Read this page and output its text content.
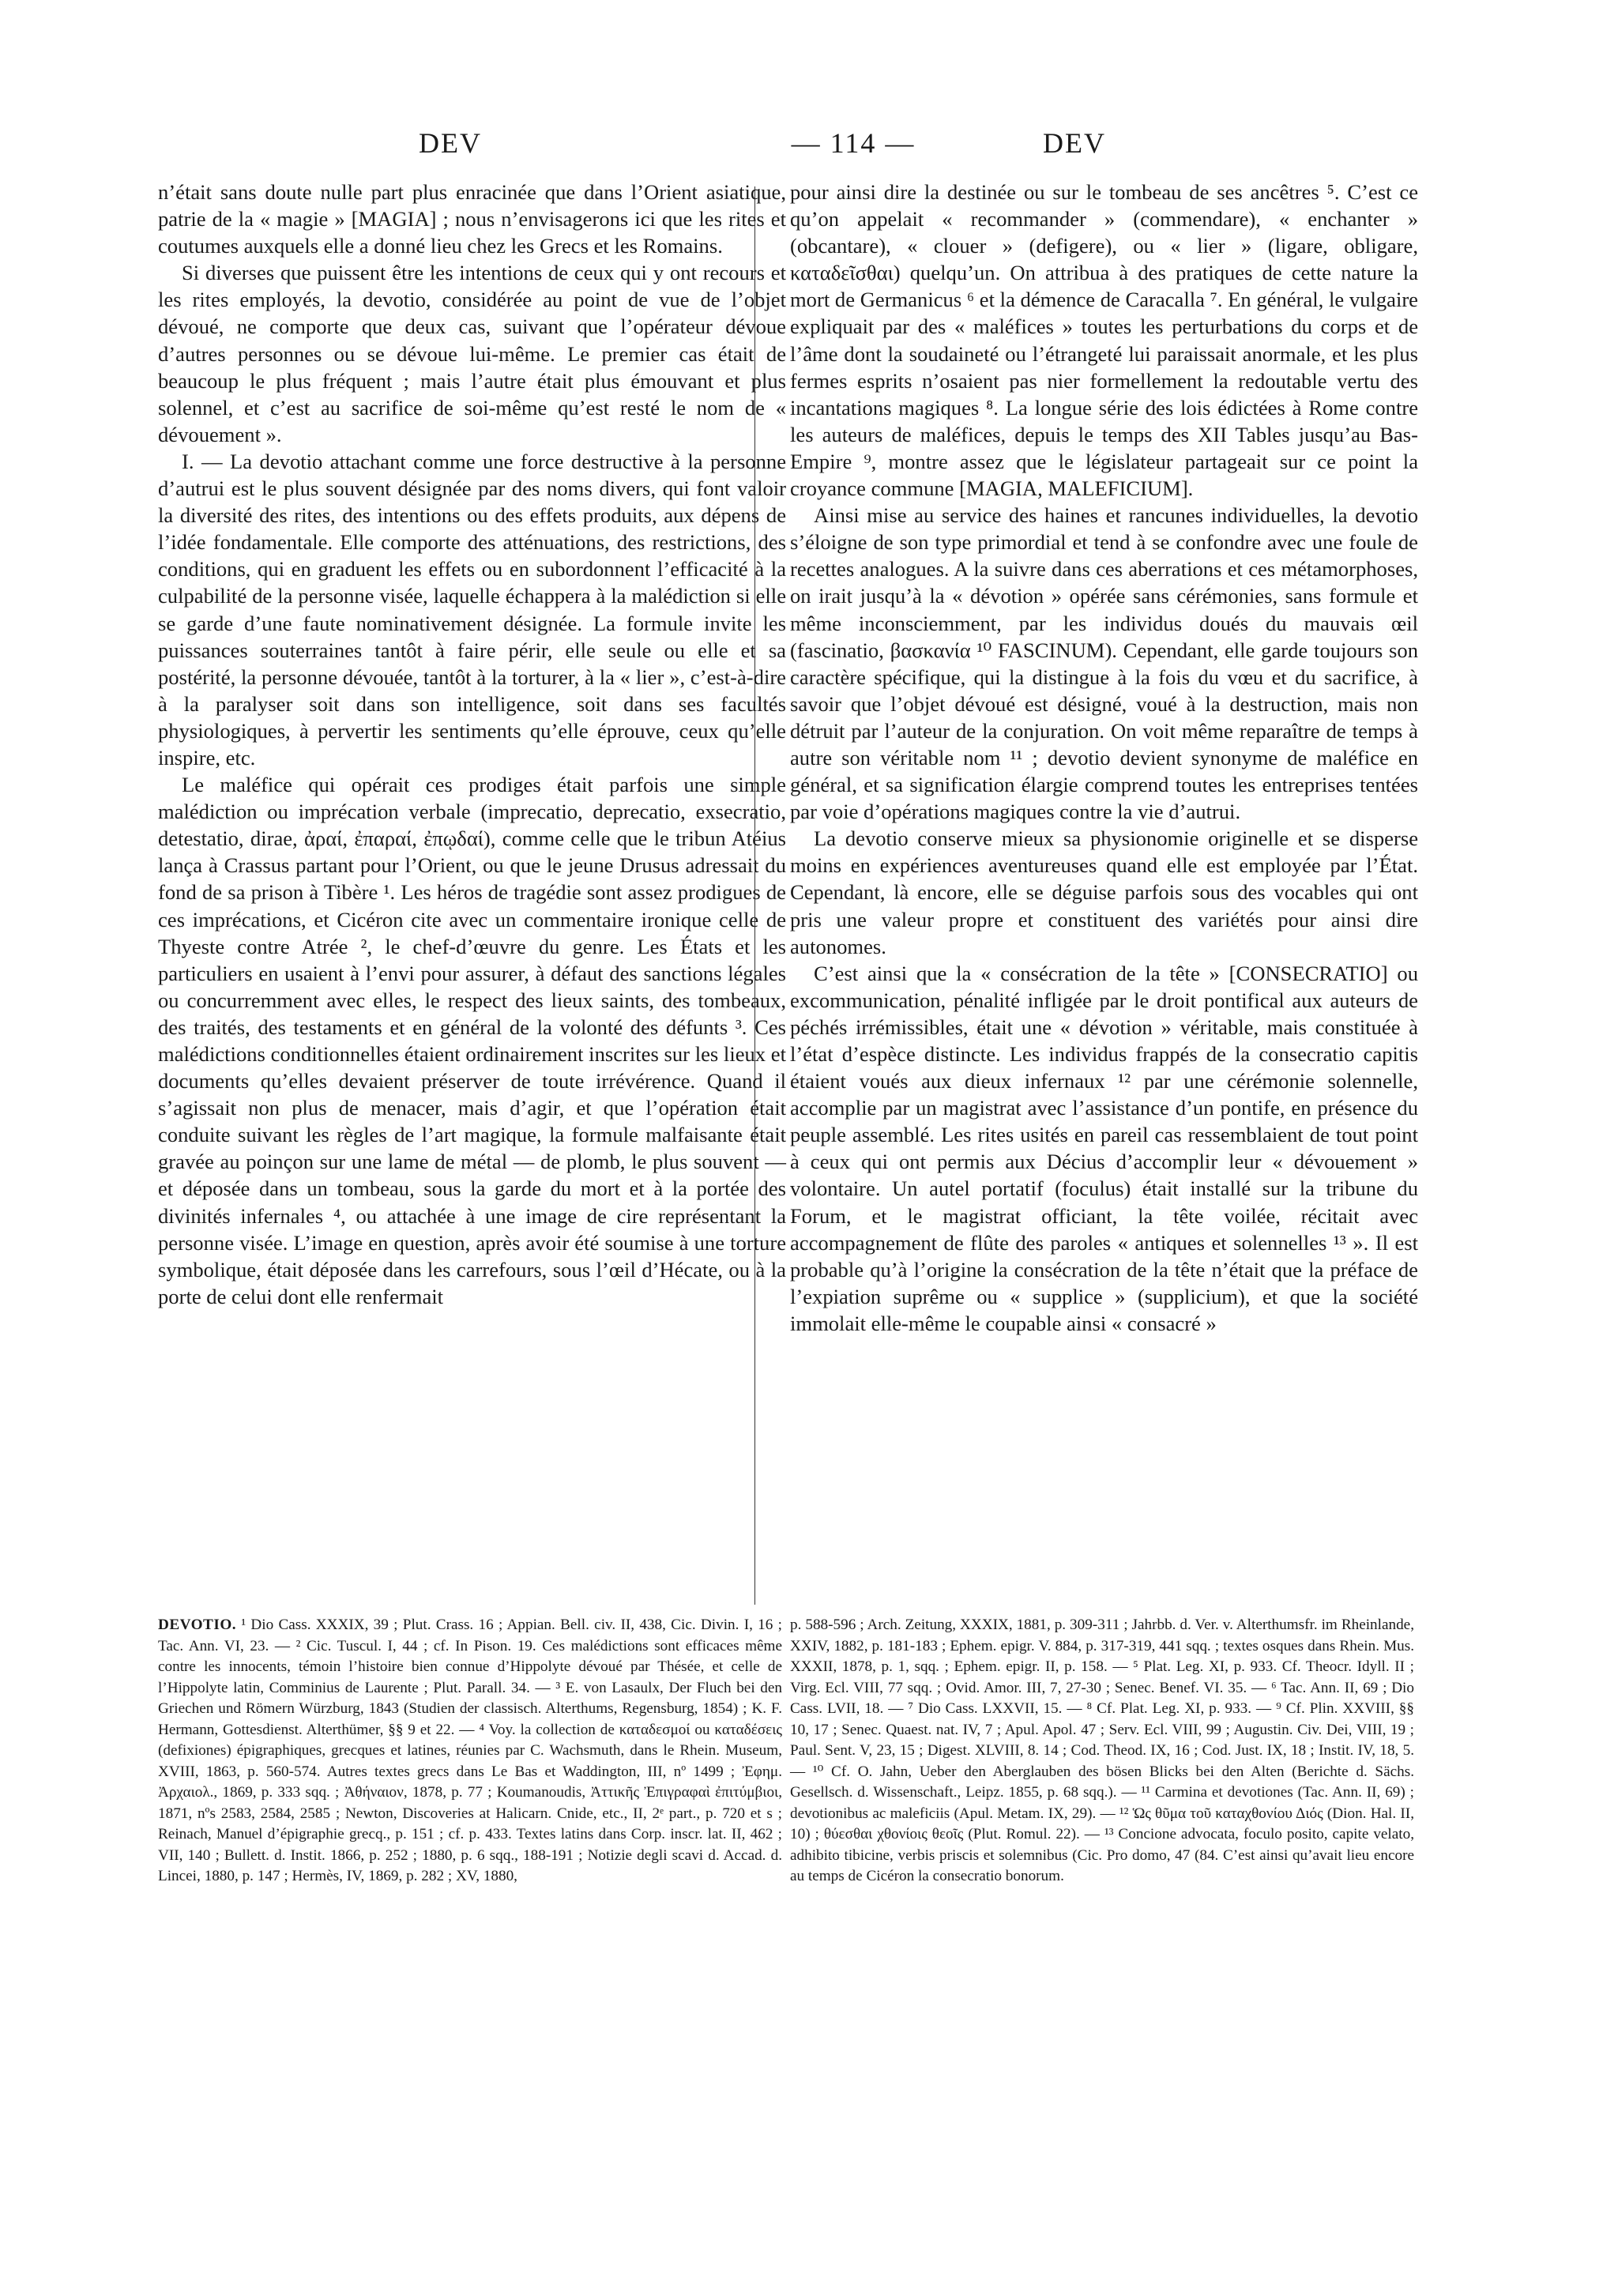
DEV	— 114 —	DEV

n’était sans doute nulle part plus enracinée que dans l’Orient asiatique, patrie de la « magie » [MAGIA] ; nous n’envisagerons ici que les rites et coutumes auxquels elle a donné lieu chez les Grecs et les Romains.

Si diverses que puissent être les intentions de ceux qui y ont recours et les rites employés, la devotio, considérée au point de vue de l’objet dévoué, ne comporte que deux cas, suivant que l’opérateur dévoue d’autres personnes ou se dévoue lui-même. Le premier cas était de beaucoup le plus fréquent ; mais l’autre était plus émouvant et plus solennel, et c’est au sacrifice de soi-même qu’est resté le nom de « dévouement ».

I. — La devotio attachant comme une force destructive à la personne d’autrui est le plus souvent désignée par des noms divers, qui font valoir la diversité des rites, des intentions ou des effets produits, aux dépens de l’idée fondamentale. Elle comporte des atténuations, des restrictions, des conditions, qui en graduent les effets ou en subordonnent l’efficacité à la culpabilité de la personne visée, laquelle échappera à la malédiction si elle se garde d’une faute nominativement désignée. La formule invite les puissances souterraines tantôt à faire périr, elle seule ou elle et sa postérité, la personne dévouée, tantôt à la torturer, à la « lier », c’est-à-dire à la paralyser soit dans son intelligence, soit dans ses facultés physiologiques, à pervertir les sentiments qu’elle éprouve, ceux qu’elle inspire, etc.

Le maléfice qui opérait ces prodiges était parfois une simple malédiction ou imprécation verbale (imprecatio, deprecatio, exsecratio, detestatio, dirae, ἀραί, ἐπαραί, ἐπῳδαί), comme celle que le tribun Atéius lança à Crassus partant pour l’Orient, ou que le jeune Drusus adressait du fond de sa prison à Tibère ¹. Les héros de tragédie sont assez prodigues de ces imprécations, et Cicéron cite avec un commentaire ironique celle de Thyeste contre Atrée ², le chef-d’œuvre du genre. Les États et les particuliers en usaient à l’envi pour assurer, à défaut des sanctions légales ou concurremment avec elles, le respect des lieux saints, des tombeaux, des traités, des testaments et en général de la volonté des défunts ³. Ces malédictions conditionnelles étaient ordinairement inscrites sur les lieux et documents qu’elles devaient préserver de toute irrévérence. Quand il s’agissait non plus de menacer, mais d’agir, et que l’opération était conduite suivant les règles de l’art magique, la formule malfaisante était gravée au poinçon sur une lame de métal — de plomb, le plus souvent — et déposée dans un tombeau, sous la garde du mort et à la portée des divinités infernales ⁴, ou attachée à une image de cire représentant la personne visée. L’image en question, après avoir été soumise à une torture symbolique, était déposée dans les carrefours, sous l’œil d’Hécate, ou à la porte de celui dont elle renfermait

pour ainsi dire la destinée ou sur le tombeau de ses ancêtres ⁵. C’est ce qu’on appelait « recommander » (commendare), « enchanter » (obcantare), « clouer » (defigere), ou « lier » (ligare, obligare, καταδεῖσθαι) quelqu’un. On attribua à des pratiques de cette nature la mort de Germanicus ⁶ et la démence de Caracalla ⁷. En général, le vulgaire expliquait par des « maléfices » toutes les perturbations du corps et de l’âme dont la soudaineté ou l’étrangeté lui paraissait anormale, et les plus fermes esprits n’osaient pas nier formellement la redoutable vertu des incantations magiques ⁸. La longue série des lois édictées à Rome contre les auteurs de maléfices, depuis le temps des XII Tables jusqu’au Bas-Empire ⁹, montre assez que le législateur partageait sur ce point la croyance commune [MAGIA, MALEFICIUM].

Ainsi mise au service des haines et rancunes individuelles, la devotio s’éloigne de son type primordial et tend à se confondre avec une foule de recettes analogues. A la suivre dans ces aberrations et ces métamorphoses, on irait jusqu’à la « dévotion » opérée sans cérémonies, sans formule et même inconsciemment, par les individus doués du mauvais œil (fascinatio, βασκανία ¹⁰ FASCINUM). Cependant, elle garde toujours son caractère spécifique, qui la distingue à la fois du vœu et du sacrifice, à savoir que l’objet dévoué est désigné, voué à la destruction, mais non détruit par l’auteur de la conjuration. On voit même reparaître de temps à autre son véritable nom ¹¹ ; devotio devient synonyme de maléfice en général, et sa signification élargie comprend toutes les entreprises tentées par voie d’opérations magiques contre la vie d’autrui.

La devotio conserve mieux sa physionomie originelle et se disperse moins en expériences aventureuses quand elle est employée par l’État. Cependant, là encore, elle se déguise parfois sous des vocables qui ont pris une valeur propre et constituent des variétés pour ainsi dire autonomes.

C’est ainsi que la « consécration de la tête » [CONSECRATIO] ou excommunication, pénalité infligée par le droit pontifical aux auteurs de péchés irrémissibles, était une « dévotion » véritable, mais constituée à l’état d’espèce distincte. Les individus frappés de la consecratio capitis étaient voués aux dieux infernaux ¹² par une cérémonie solennelle, accomplie par un magistrat avec l’assistance d’un pontife, en présence du peuple assemblé. Les rites usités en pareil cas ressemblaient de tout point à ceux qui ont permis aux Décius d’accomplir leur « dévouement » volontaire. Un autel portatif (foculus) était installé sur la tribune du Forum, et le magistrat officiant, la tête voilée, récitait avec accompagnement de flûte des paroles « antiques et solennelles ¹³ ». Il est probable qu’à l’origine la consécration de la tête n’était que la préface de l’expiation suprême ou « supplice » (supplicium), et que la société immolait elle-même le coupable ainsi « consacré »

DEVOTIO. ¹ Dio Cass. XXXIX, 39 ; Plut. Crass. 16 ; Appian. Bell. civ. II, 438, Cic. Divin. I, 16 ; Tac. Ann. VI, 23. — ² Cic. Tuscul. I, 44 ; cf. In Pison. 19. Ces malédictions sont efficaces même contre les innocents, témoin l’histoire bien connue d’Hippolyte dévoué par Thésée, et celle de l’Hippolyte latin, Comminius de Laurente ; Plut. Parall. 34. — ³ E. von Lasaulx, Der Fluch bei den Griechen und Römern Würzburg, 1843 (Studien der classisch. Alterthums, Regensburg, 1854) ; K. F. Hermann, Gottesdienst. Alterthümer, §§ 9 et 22. — ⁴ Voy. la collection de καταδεσμοί ou καταδέσεις (defixiones) épigraphiques, grecques et latines, réunies par C. Wachsmuth, dans le Rhein. Museum, XVIII, 1863, p. 560-574. Autres textes grecs dans Le Bas et Waddington, III, nº 1499 ; Ἐφημ. Ἀρχαιολ., 1869, p. 333 sqq. ; Ἀθήναιον, 1878, p. 77 ; Koumanoudis, Ἀττικῆς Ἐπιγραφαὶ ἐπιτύμβιοι, 1871, nºs 2583, 2584, 2585 ; Newton, Discoveries at Halicarn. Cnide, etc., II, 2ᵉ part., p. 720 et s ; Reinach, Manuel d’épigraphie grecq., p. 151 ; cf. p. 433. Textes latins dans Corp. inscr. lat. II, 462 ; VII, 140 ; Bullett. d. Instit. 1866, p. 252 ; 1880, p. 6 sqq., 188-191 ; Notizie degli scavi d. Accad. d. Lincei, 1880, p. 147 ; Hermès, IV, 1869, p. 282 ; XV, 1880,

p. 588-596 ; Arch. Zeitung, XXXIX, 1881, p. 309-311 ; Jahrbb. d. Ver. v. Alterthumsfr. im Rheinlande, XXIV, 1882, p. 181-183 ; Ephem. epigr. V. 884, p. 317-319, 441 sqq. ; textes osques dans Rhein. Mus. XXXII, 1878, p. 1, sqq. ; Ephem. epigr. II, p. 158. — ⁵ Plat. Leg. XI, p. 933. Cf. Theocr. Idyll. II ; Virg. Ecl. VIII, 77 sqq. ; Ovid. Amor. III, 7, 27-30 ; Senec. Benef. VI. 35. — ⁶ Tac. Ann. II, 69 ; Dio Cass. LVII, 18. — ⁷ Dio Cass. LXXVII, 15. — ⁸ Cf. Plat. Leg. XI, p. 933. — ⁹ Cf. Plin. XXVIII, §§ 10, 17 ; Senec. Quaest. nat. IV, 7 ; Apul. Apol. 47 ; Serv. Ecl. VIII, 99 ; Augustin. Civ. Dei, VIII, 19 ; Paul. Sent. V, 23, 15 ; Digest. XLVIII, 8. 14 ; Cod. Theod. IX, 16 ; Cod. Just. IX, 18 ; Instit. IV, 18, 5. — ¹⁰ Cf. O. Jahn, Ueber den Aberglauben des bösen Blicks bei den Alten (Berichte d. Sächs. Gesellsch. d. Wissenschaft., Leipz. 1855, p. 68 sqq.). — ¹¹ Carmina et devotiones (Tac. Ann. II, 69) ; devotionibus ac maleficiis (Apul. Metam. IX, 29). — ¹² Ὡς θῦμα τοῦ καταχθονίου Διός (Dion. Hal. II, 10) ; θύεσθαι χθονίοις θεοῖς (Plut. Romul. 22). — ¹³ Concione advocata, foculo posito, capite velato, adhibito tibicine, verbis priscis et solemnibus (Cic. Pro domo, 47 (84. C’est ainsi qu’avait lieu encore au temps de Cicéron la consecratio bonorum.
